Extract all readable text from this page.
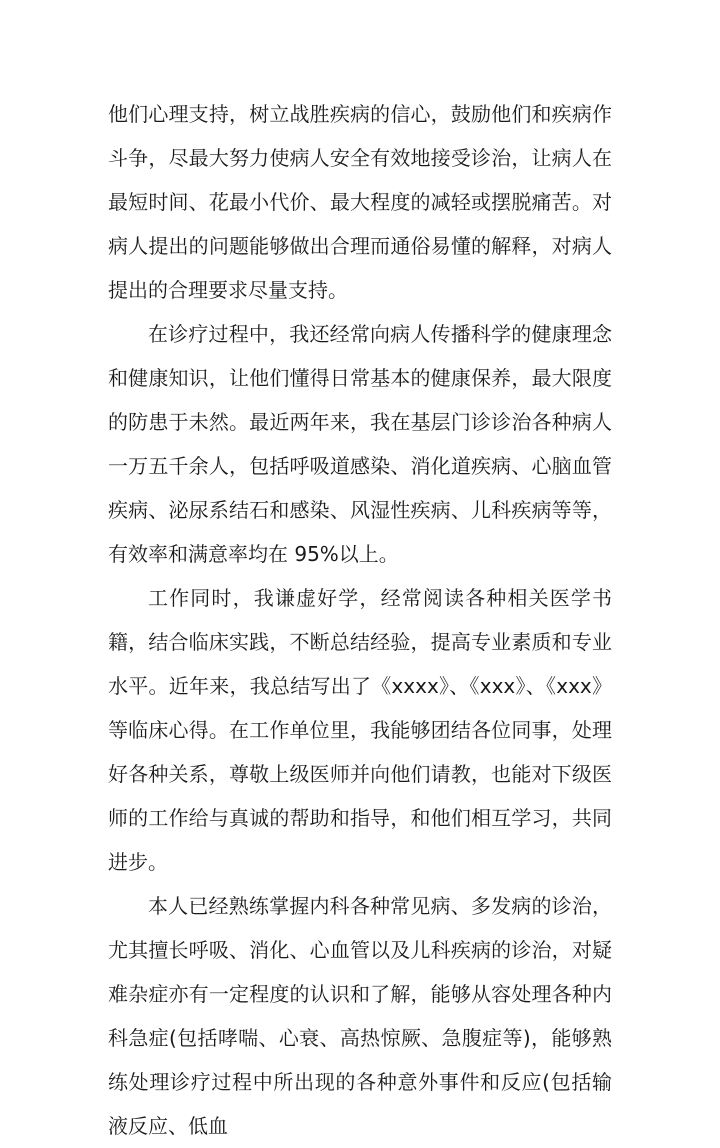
他们心理支持，树立战胜疾病的信心，鼓励他们和疾病作斗争，尽最大努力使病人安全有效地接受诊治，让病人在最短时间、花最小代价、最大程度的减轻或摆脱痛苦。对病人提出的问题能够做出合理而通俗易懂的解释，对病人提出的合理要求尽量支持。

在诊疗过程中，我还经常向病人传播科学的健康理念和健康知识，让他们懂得日常基本的健康保养，最大限度的防患于未然。最近两年来，我在基层门诊诊治各种病人一万五千余人，包括呼吸道感染、消化道疾病、心脑血管疾病、泌尿系结石和感染、风湿性疾病、儿科疾病等等，有效率和满意率均在 95%以上。

工作同时，我谦虚好学，经常阅读各种相关医学书籍，结合临床实践，不断总结经验，提高专业素质和专业水平。近年来，我总结写出了《xxxx》、《xxx》、《xxx》等临床心得。在工作单位里，我能够团结各位同事，处理好各种关系，尊敬上级医师并向他们请教，也能对下级医师的工作给与真诚的帮助和指导，和他们相互学习，共同进步。

本人已经熟练掌握内科各种常见病、多发病的诊治，尤其擅长呼吸、消化、心血管以及儿科疾病的诊治，对疑难杂症亦有一定程度的认识和了解，能够从容处理各种内科急症(包括哮喘、心衰、高热惊厥、急腹症等)，能够熟练处理诊疗过程中所出现的各种意外事件和反应(包括输液反应、低血
